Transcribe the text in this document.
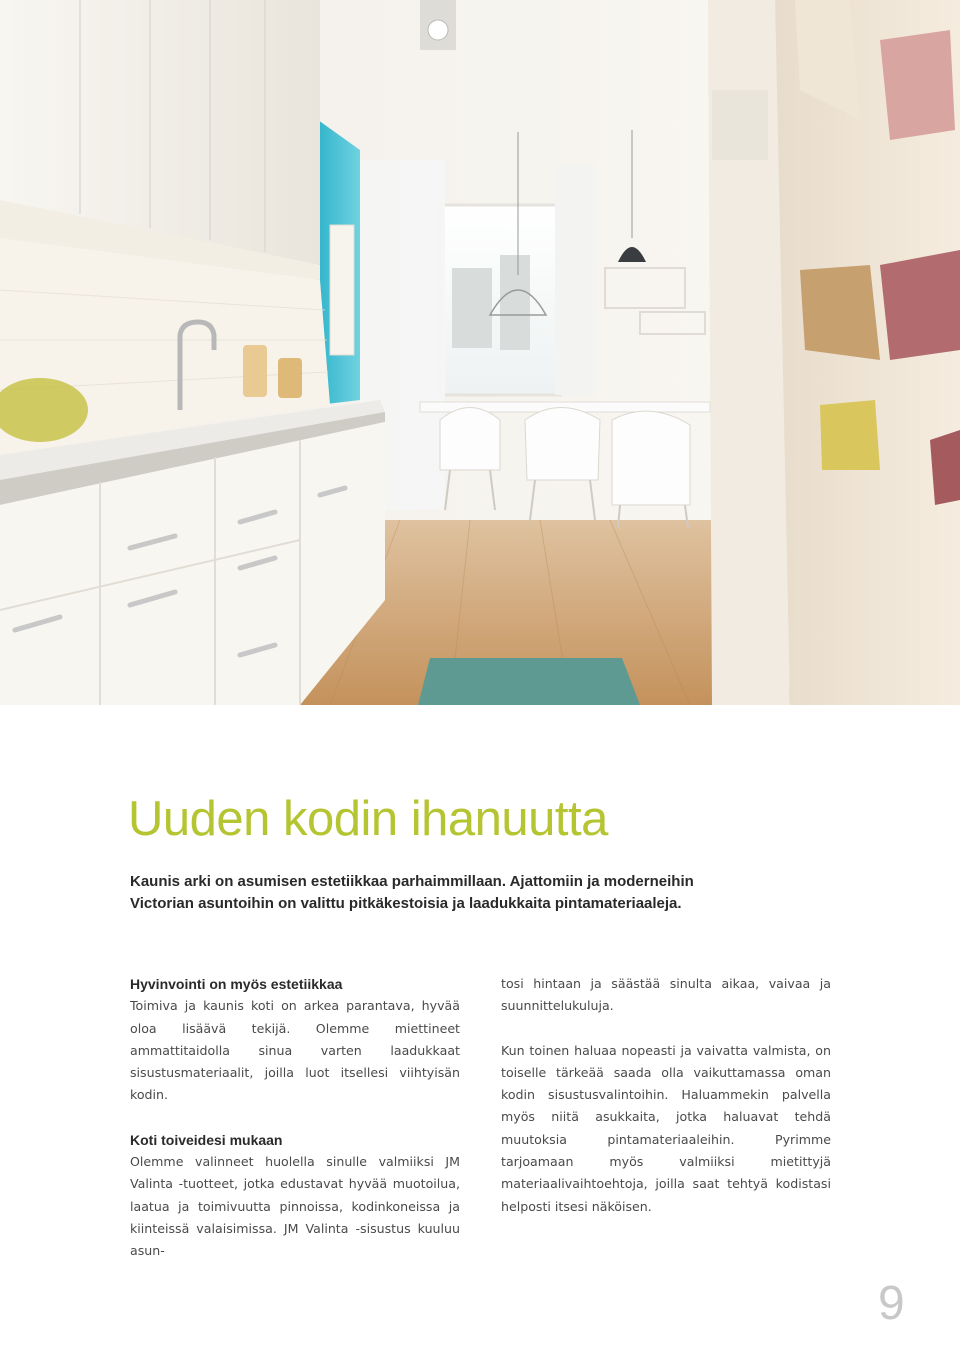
Uuden kodin ihanuutta

Kaunis arki on asumisen estetiikkaa parhaimmillaan. Ajattomiin ja moderneihin
Victorian asuntoihin on valittu pitkäkestoisia ja laadukkaita pintamateriaaleja.

Hyvinvointi on myös estetiikkaa

Toimiva ja kaunis koti on arkea parantava, hyvää oloa lisäävä tekijä. Olemme miettineet ammattitaidolla sinua varten laadukkaat sisustusmateriaalit, joilla luot itsellesi viihtyisän kodin.

Koti toiveidesi mukaan

Olemme valinneet huolella sinulle valmiiksi JM Valinta -tuotteet, jotka edustavat hyvää muotoilua, laatua ja toimivuutta pinnoissa, kodinkoneissa ja kiinteissä valaisimissa. JM Valinta -sisustus kuuluu asun-

tosi hintaan ja säästää sinulta aikaa, vaivaa ja suunnittelukuluja.

Kun toinen haluaa nopeasti ja vaivatta valmista, on toiselle tärkeää saada olla vaikuttamassa oman kodin sisustusvalintoihin. Haluammekin palvella myös niitä asukkaita, jotka haluavat tehdä muutoksia pintamateriaaleihin. Pyrimme tarjoamaan myös valmiiksi mietittyjä materiaalivaihtoehtoja, joilla saat tehtyä kodistasi helposti itsesi näköisen.

9
